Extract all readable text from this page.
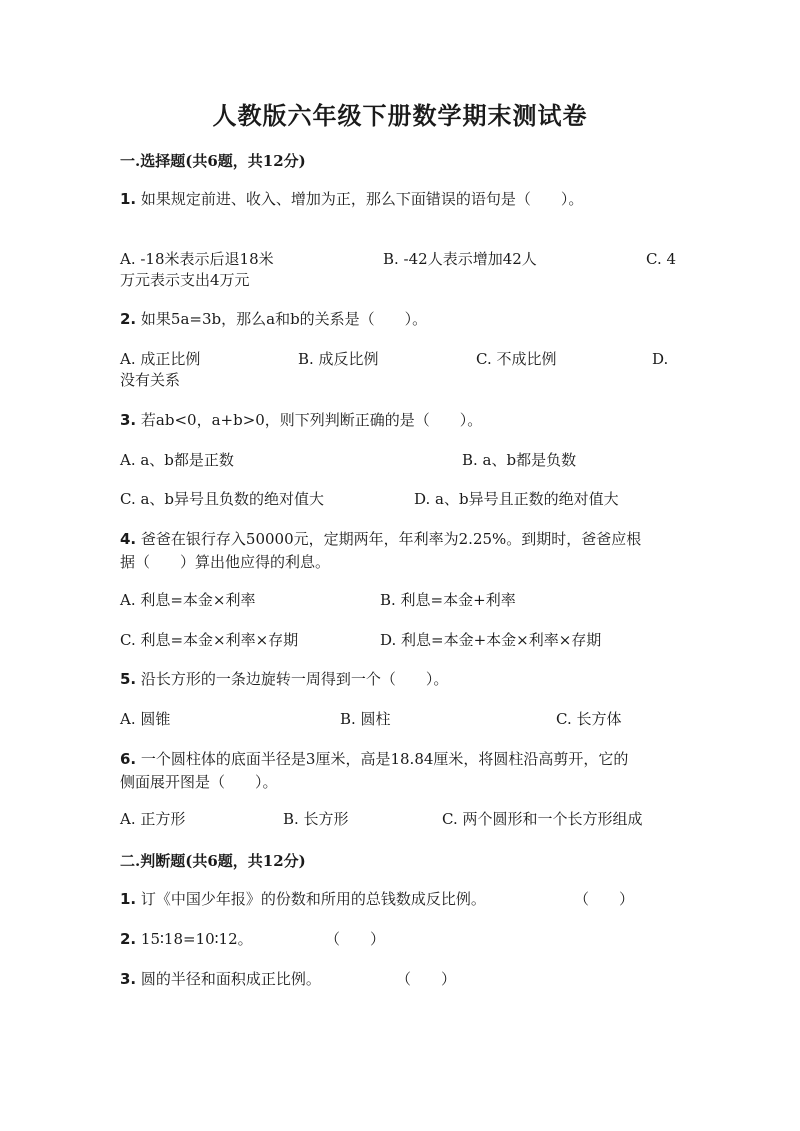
人教版六年级下册数学期末测试卷
一.选择题(共6题，共12分)
1. 如果规定前进、收入、增加为正，那么下面错误的语句是（　　）。
A. -18米表示后退18米	B. -42人表示增加42人	C. 4
万元表示支出4万元
2. 如果5a=3b，那么a和b的关系是（　　）。
A. 成正比例	B. 成反比例	C. 不成比例	D.
没有关系
3. 若ab<0，a+b>0，则下列判断正确的是（　　）。
A. a、b都是正数	B. a、b都是负数
C. a、b异号且负数的绝对值大	D. a、b异号且正数的绝对值大
4. 爸爸在银行存入50000元，定期两年，年利率为2.25%。到期时，爸爸应根
据（　　）算出他应得的利息。
A. 利息=本金×利率	B. 利息=本金+利率
C. 利息=本金×利率×存期	D. 利息=本金+本金×利率×存期
5. 沿长方形的一条边旋转一周得到一个（　　）。
A. 圆锥	B. 圆柱	C. 长方体
6. 一个圆柱体的底面半径是3厘米，高是18.84厘米，将圆柱沿高剪开，它的
侧面展开图是（　　）。
A. 正方形	B. 长方形	C. 两个圆形和一个长方形组成
二.判断题(共6题，共12分)
1. 订《中国少年报》的份数和所用的总钱数成反比例。	（　　）
2. 15∶18=10∶12。	（　　）
3. 圆的半径和面积成正比例。	（　　）
